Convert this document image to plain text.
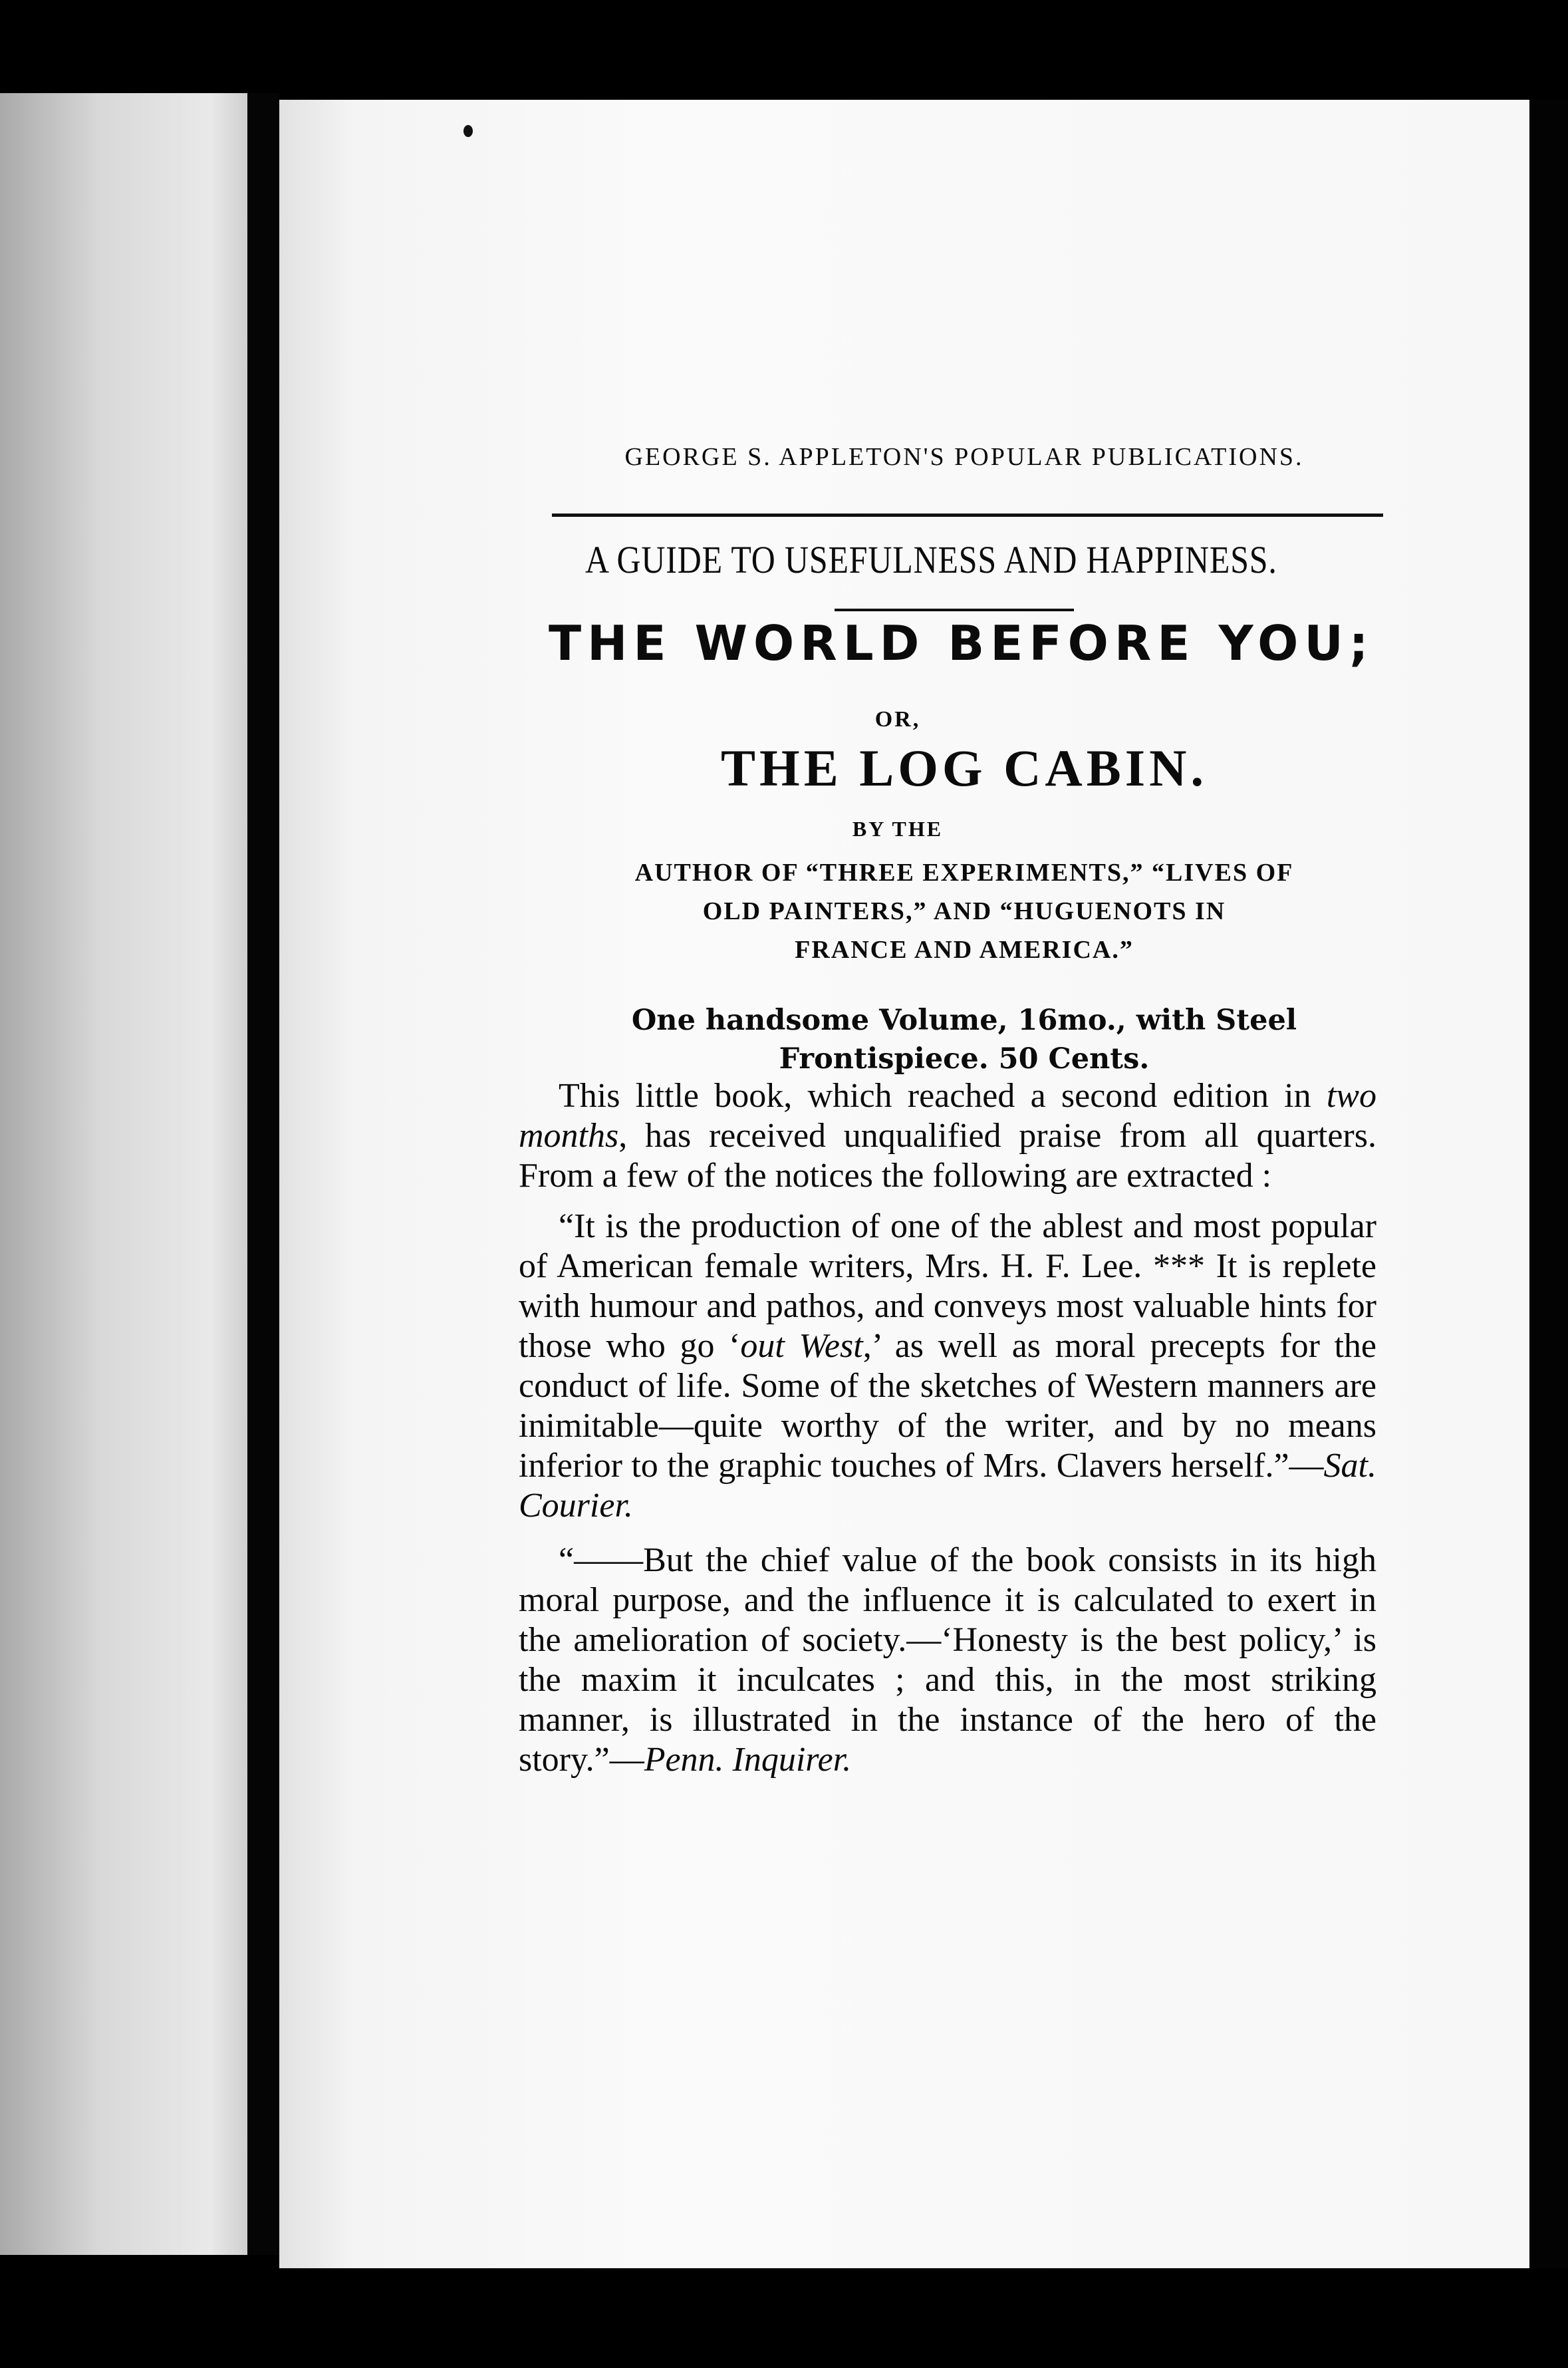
GEORGE S. APPLETON'S POPULAR PUBLICATIONS.
A GUIDE TO USEFULNESS AND HAPPINESS.
THE WORLD BEFORE YOU;
OR,
THE LOG CABIN.
BY THE
AUTHOR OF “THREE EXPERIMENTS,” “LIVES OF
OLD PAINTERS,” AND “HUGUENOTS IN
FRANCE AND AMERICA.”
One handsome Volume, 16mo., with Steel
Frontispiece. 50 Cents.

This little book, which reached a second edition in two months, has received unqualified praise from all quarters. From a few of the notices the following are extracted :

“It is the production of one of the ablest and most popular of American female writers, Mrs. H. F. Lee. *** It is replete with humour and pathos, and conveys most valuable hints for those who go ‘out West,’ as well as moral precepts for the conduct of life. Some of the sketches of Western manners are inimitable—quite worthy of the writer, and by no means inferior to the graphic touches of Mrs. Clavers herself.”—Sat. Courier.

“——But the chief value of the book consists in its high moral purpose, and the influence it is calculated to exert in the amelioration of society.—‘Honesty is the best policy,’ is the maxim it inculcates ; and this, in the most striking manner, is illustrated in the instance of the hero of the story.”—Penn. Inquirer.
